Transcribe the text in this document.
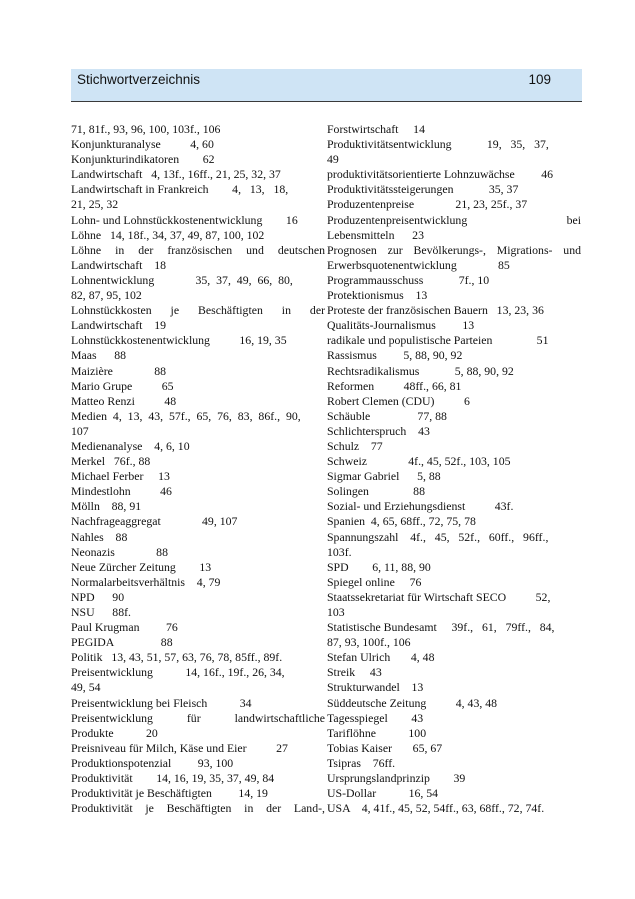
Stichwortverzeichnis	109
71, 81f., 93, 96, 100, 103f., 106
Konjunkturanalyse          4, 60
Konjunkturindikatoren        62
Landwirtschaft   4, 13f., 16ff., 21, 25, 32, 37
Landwirtschaft in Frankreich        4,   13,   18,
21, 25, 32
Lohn- und Lohnstückkostenentwicklung        16
Löhne   14, 18f., 34, 37, 49, 87, 100, 102
Löhne in der französischen und deutschen
Landwirtschaft    18
Lohnentwicklung              35,  37,  49,  66,  80,
82, 87, 95, 102
Lohnstückkosten je Beschäftigten in der
Landwirtschaft    19
Lohnstückkostenentwicklung          16, 19, 35
Maas      88
Maizière              88
Mario Grupe          65
Matteo Renzi          48
Medien  4,  13,  43,  57f.,  65,  76,  83,  86f.,  90,
107
Medienanalyse    4, 6, 10
Merkel   76f., 88
Michael Ferber     13
Mindestlohn          46
Mölln    88, 91
Nachfrageaggregat              49, 107
Nahles    88
Neonazis              88
Neue Zürcher Zeitung        13
Normalarbeitsverhältnis    4, 79
NPD      90
NSU      88f.
Paul Krugman         76
PEGIDA                88
Politik   13, 43, 51, 57, 63, 76, 78, 85ff., 89f.
Preisentwicklung           14, 16f., 19f., 26, 34,
49, 54
Preisentwicklung bei Fleisch           34
Preisentwicklung für landwirtschaftliche
Produkte           20
Preisniveau für Milch, Käse und Eier          27
Produktionspotenzial         93, 100
Produktivität        14, 16, 19, 35, 37, 49, 84
Produktivität je Beschäftigten         14, 19
Produktivität je Beschäftigten in der Land-,
Forstwirtschaft     14
Produktivitätsentwicklung            19,   35,   37,
49
produktivitätsorientierte Lohnzuwächse         46
Produktivitätssteigerungen            35, 37
Produzentenpreise              21, 23, 25f., 37
Produzentenpreisentwicklung bei
Lebensmitteln      23
Prognosen zur Bevölkerungs-, Migrations- und
Erwerbsquotenentwicklung              85
Programmausschuss            7f., 10
Protektionismus    13
Proteste der französischen Bauern   13, 23, 36
Qualitäts-Journalismus         13
radikale und populistische Parteien               51
Rassismus         5, 88, 90, 92
Rechtsradikalismus            5, 88, 90, 92
Reformen          48ff., 66, 81
Robert Clemen (CDU)          6
Schäuble                77, 88
Schlichterspruch    43
Schulz    77
Schweiz              4f., 45, 52f., 103, 105
Sigmar Gabriel      5, 88
Solingen               88
Sozial- und Erziehungsdienst          43f.
Spanien  4, 65, 68ff., 72, 75, 78
Spannungszahl    4f.,   45,   52f.,   60ff.,   96ff.,
103f.
SPD        6, 11, 88, 90
Spiegel online     76
Staatssekretariat für Wirtschaft SECO          52,
103
Statistische Bundesamt     39f.,   61,   79ff.,   84,
87, 93, 100f., 106
Stefan Ulrich       4, 48
Streik     43
Strukturwandel    13
Süddeutsche Zeitung          4, 43, 48
Tagesspiegel        43
Tariflöhne           100
Tobias Kaiser       65, 67
Tsipras    76ff.
Ursprungslandprinzip        39
US-Dollar           16, 54
USA    4, 41f., 45, 52, 54ff., 63, 68ff., 72, 74f.
